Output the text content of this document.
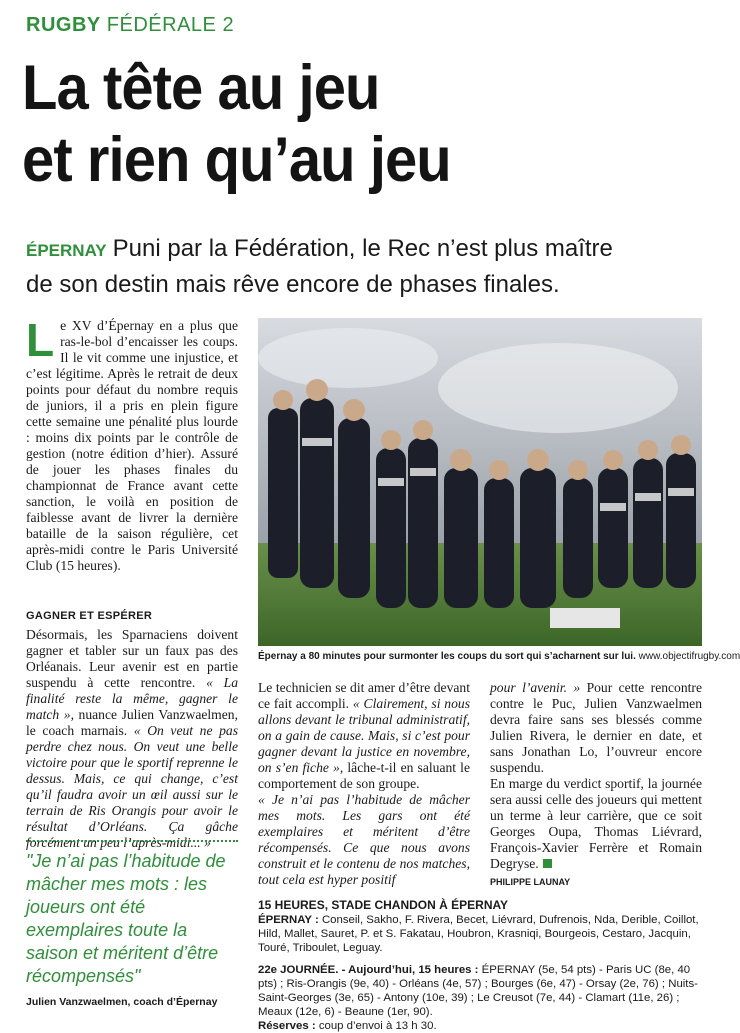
RUGBY FÉDÉRALE 2
La tête au jeu
et rien qu’au jeu
ÉPERNAY Puni par la Fédération, le Rec n’est plus maître
de son destin mais rêve encore de phases finales.

Le XV d’Épernay en a plus que ras-le-bol d’encaisser les coups. Il le vit comme une injustice, et c’est légitime. Après le retrait de deux points pour défaut du nombre requis de juniors, il a pris en plein figure cette semaine une pénalité plus lourde : moins dix points par le contrôle de gestion (notre édition d’hier). Assuré de jouer les phases finales du championnat de France avant cette sanction, le voilà en position de faiblesse avant de livrer la dernière bataille de la saison régulière, cet après-midi contre le Paris Université Club (15 heures).

GAGNER ET ESPÉRER

Désormais, les Sparnaciens doivent gagner et tabler sur un faux pas des Orléanais. Leur avenir est en partie suspendu à cette rencontre. « La finalité reste la même, gagner le match », nuance Julien Vanzwaelmen, le coach marnais. « On veut ne pas perdre chez nous. On veut une belle victoire pour que le sportif reprenne le dessus. Mais, ce qui change, c’est qu’il faudra avoir un œil aussi sur le terrain de Ris Orangis pour avoir le résultat d’Orléans. Ça gâche forcément un peu l’après-midi... »

"Je n’ai pas l’habitude de mâcher mes mots : les joueurs ont été exemplaires toute la saison et méritent d’être récompensés"
Julien Vanzwaelmen, coach d’Épernay
Épernay a 80 minutes pour surmonter les coups du sort qui s’acharnent sur lui. www.objectifrugby.com

Le technicien se dit amer d’être devant ce fait accompli. « Clairement, si nous allons devant le tribunal administratif, on a gain de cause. Mais, si c’est pour gagner devant la justice en novembre, on s’en fiche », lâche-t-il en saluant le comportement de son groupe.

« Je n’ai pas l’habitude de mâcher mes mots. Les gars ont été exemplaires et méritent d’être récompensés. Ce que nous avons construit et le contenu de nos matches, tout cela est hyper positif

pour l’avenir. » Pour cette rencontre contre le Puc, Julien Vanzwaelmen devra faire sans ses blessés comme Julien Rivera, le dernier en date, et sans Jonathan Lo, l’ouvreur encore suspendu.

En marge du verdict sportif, la journée sera aussi celle des joueurs qui mettent un terme à leur carrière, que ce soit Georges Oupa, Thomas Liévrard, François-Xavier Ferrère et Romain Degryse.

PHILIPPE LAUNAY

15 HEURES, STADE CHANDON À ÉPERNAY

ÉPERNAY : Conseil, Sakho, F. Rivera, Becet, Liévrard, Dufrenois, Nda, Derible, Coillot, Hild, Mallet, Sauret, P. et S. Fakatau, Houbron, Krasniqi, Bourgeois, Cestaro, Jacquin, Touré, Triboulet, Leguay.

22e JOURNÉE. - Aujourd’hui, 15 heures : ÉPERNAY (5e, 54 pts) - Paris UC (8e, 40 pts) ; Ris-Orangis (9e, 40) - Orléans (4e, 57) ; Bourges (6e, 47) - Orsay (2e, 76) ; Nuits-Saint-Georges (3e, 65) - Antony (10e, 39) ; Le Creusot (7e, 44) - Clamart (11e, 26) ; Meaux (12e, 6) - Beaune (1er, 90).

Réserves : coup d’envoi à 13 h 30.
